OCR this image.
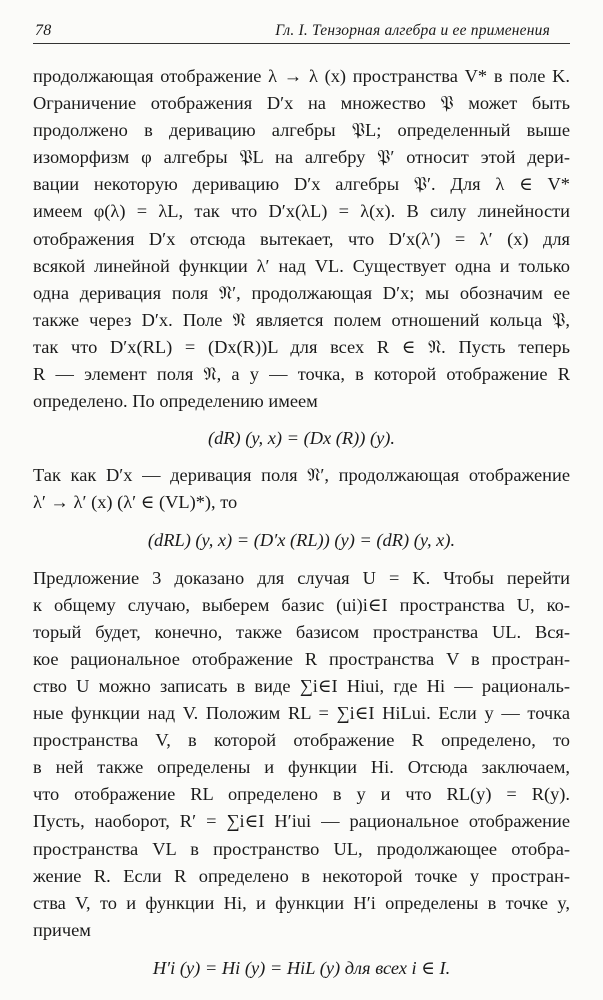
78	Гл. I. Тензорная алгебра и ее применения
продолжающая отображение λ → λ (x) пространства V* в поле K.
Ограничение отображения D′x на множество 𝔓 может быть
продолжено в деривацию алгебры 𝔓L; определенный выше
изоморфизм φ алгебры 𝔓L на алгебру 𝔓′ относит этой дери-
вации некоторую деривацию D′x алгебры 𝔓′. Для λ ∈ V*
имеем φ(λ) = λL, так что D′x(λL) = λ(x). В силу линейности
отображения D′x отсюда вытекает, что D′x(λ′) = λ′ (x) для
всякой линейной функции λ′ над VL. Существует одна и только
одна деривация поля 𝔑′, продолжающая D′x; мы обозначим ее
также через D′x. Поле 𝔑 является полем отношений кольца 𝔓,
так что D′x(RL) = (Dx(R))L для всех R ∈ 𝔑. Пусть теперь
R — элемент поля 𝔑, а y — точка, в которой отображение R
определено. По определению имеем
(dR) (y, x) = (Dx (R)) (y).
Так как D′x — деривация поля 𝔑′, продолжающая отображение
λ′ → λ′ (x) (λ′ ∈ (VL)*), то
(dRL) (y, x) = (D′x (RL)) (y) = (dR) (y, x).
Предложение 3 доказано для случая U = K. Чтобы перейти
к общему случаю, выберем базис (ui)i∈I пространства U, ко-
торый будет, конечно, также базисом пространства UL. Вся-
кое рациональное отображение R пространства V в простран-
ство U можно записать в виде ∑i∈I Hiui, где Hi — рациональ-
ные функции над V. Положим RL = ∑i∈I HiLui. Если y — точка
пространства V, в которой отображение R определено, то
в ней также определены и функции Hi. Отсюда заключаем,
что отображение RL определено в y и что RL(y) = R(y).
Пусть, наоборот, R′ = ∑i∈I H′iui — рациональное отображение
пространства VL в пространство UL, продолжающее отобра-
жение R. Если R определено в некоторой точке y простран-
ства V, то и функции Hi, и функции H′i определены в точке y,
причем
H′i (y) = Hi (y) = HiL (y) для всех i ∈ I.
